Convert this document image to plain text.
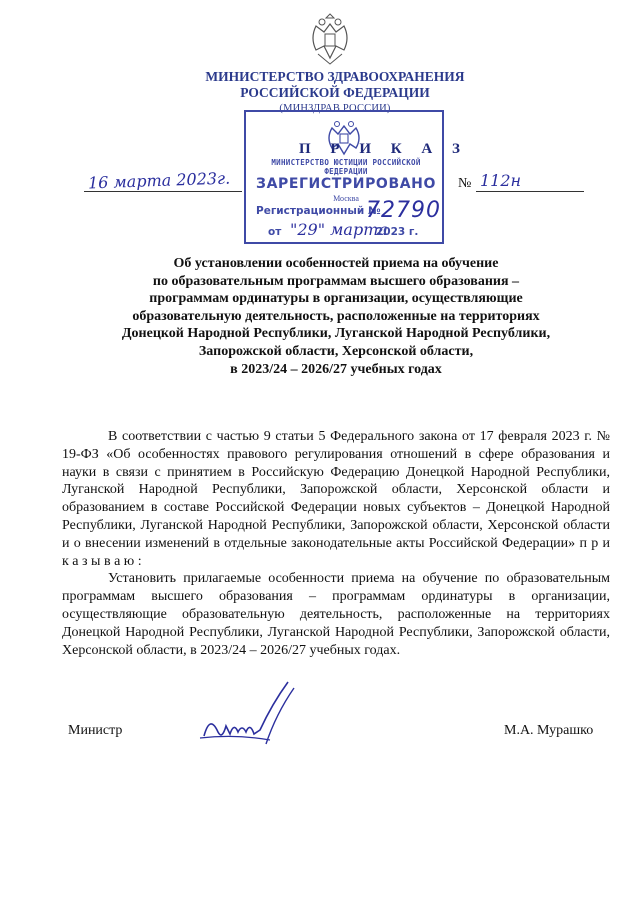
МИНИСТЕРСТВО ЗДРАВООХРАНЕНИЯ
РОССИЙСКОЙ ФЕДЕРАЦИИ
(МИНЗДРАВ РОССИИ)
МИНИСТЕРСТВО ЮСТИЦИИ РОССИЙСКОЙ ФЕДЕРАЦИИ
ЗАРЕГИСТРИРОВАНО
Москва
Регистрационный №
72790
от "29" марта
2023 г.
П Р И К А З
16 марта 2023г.	№ 112н
Об установлении особенностей приема на обучение
по образовательным программам высшего образования –
программам ординатуры в организации, осуществляющие
образовательную деятельность, расположенные на территориях
Донецкой Народной Республики, Луганской Народной Республики,
Запорожской области, Херсонской области,
в 2023/24 – 2026/27 учебных годах

В соответствии с частью 9 статьи 5 Федерального закона от 17 февраля 2023 г. № 19-ФЗ «Об особенностях правового регулирования отношений в сфере образования и науки в связи с принятием в Российскую Федерацию Донецкой Народной Республики, Луганской Народной Республики, Запорожской области, Херсонской области и образованием в составе Российской Федерации новых субъектов – Донецкой Народной Республики, Луганской Народной Республики, Запорожской области, Херсонской области и о внесении изменений в отдельные законодательные акты Российской Федерации» п р и к а з ы в а ю :

Установить прилагаемые особенности приема на обучение по образовательным программам высшего образования – программам ординатуры в организации, осуществляющие образовательную деятельность, расположенные на территориях Донецкой Народной Республики, Луганской Народной Республики, Запорожской области, Херсонской области, в 2023/24 – 2026/27 учебных годах.

Министр	М.А. Мурашко
